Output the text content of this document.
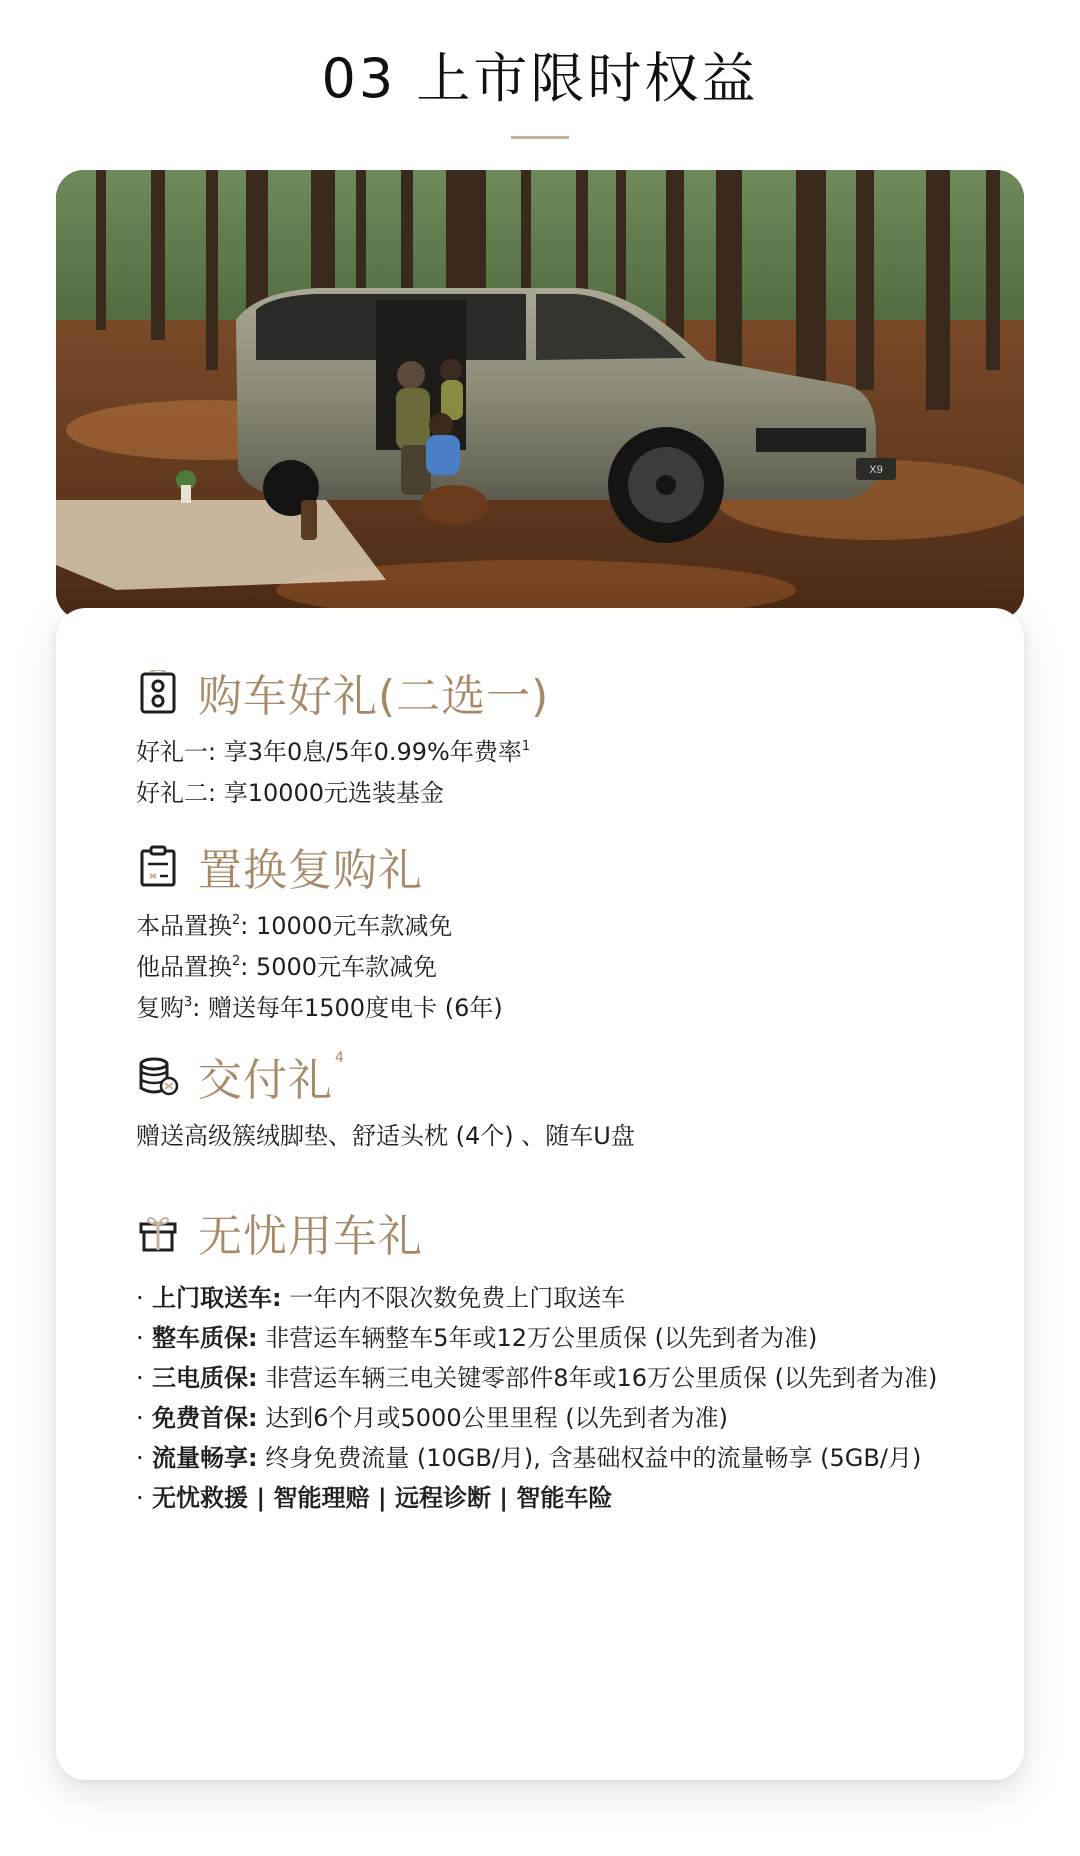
03 上市限时权益
X9
购车好礼(二选一)
好礼一: 享3年0息/5年0.99%年费率$^1$
好礼二: 享10000元选装基金
置换复购礼
本品置换$^2$: 10000元车款减免
他品置换$^2$: 5000元车款减免
复购$^3$: 赠送每年1500度电卡 (6年)
交付礼 4
赠送高级簇绒脚垫、舒适头枕 (4个) 、随车U盘
无忧用车礼
· 上门取送车: 一年内不限次数免费上门取送车
· 整车质保: 非营运车辆整车5年或12万公里质保 (以先到者为准)
· 三电质保: 非营运车辆三电关键零部件8年或16万公里质保 (以先到者为准)
· 免费首保: 达到6个月或5000公里里程 (以先到者为准)
· 流量畅享: 终身免费流量 (10GB/月), 含基础权益中的流量畅享 (5GB/月)
· 无忧救援 | 智能理赔 | 远程诊断 | 智能车险
